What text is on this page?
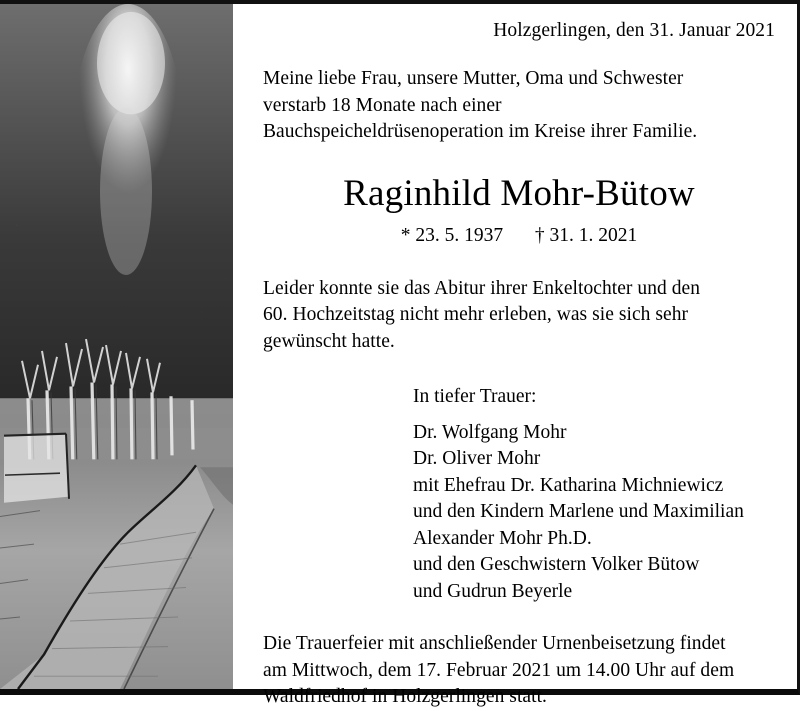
Holzgerlingen, den 31. Januar 2021
Meine liebe Frau, unsere Mutter, Oma und Schwester
verstarb 18 Monate nach einer
Bauchspeicheldrüsenoperation im Kreise ihrer Familie.
Raginhild Mohr-Bütow
* 23. 5. 1937 † 31. 1. 2021
Leider konnte sie das Abitur ihrer Enkeltochter und den
60. Hochzeitstag nicht mehr erleben, was sie sich sehr
gewünscht hatte.
In tiefer Trauer:
Dr. Wolfgang Mohr
Dr. Oliver Mohr
mit Ehefrau Dr. Katharina Michniewicz
und den Kindern Marlene und Maximilian
Alexander Mohr Ph.D.
und den Geschwistern Volker Bütow
und Gudrun Beyerle
Die Trauerfeier mit anschließender Urnenbeisetzung findet
am Mittwoch, dem 17. Februar 2021 um 14.00 Uhr auf dem
Waldfriedhof in Holzgerlingen statt.
